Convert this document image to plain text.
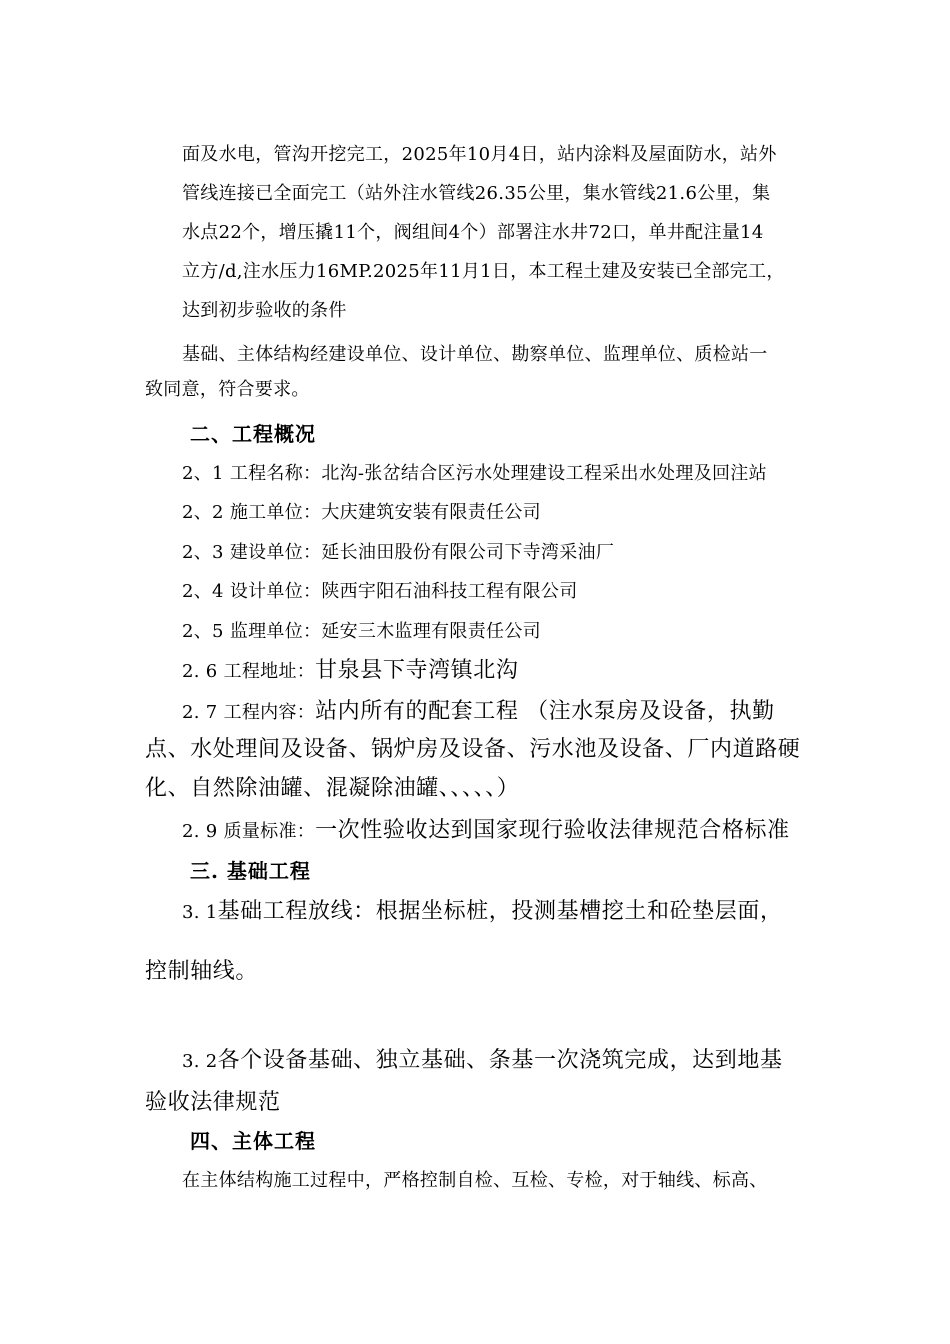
面及水电，管沟开挖完工，2025年10月4日，站内涂料及屋面防水，站外
管线连接已全面完工（站外注水管线26.35公里，集水管线21.6公里，集
水点22个，增压撬11个，阀组间4个）部署注水井72口，单井配注量14
立方/d,注水压力16MP.2025年11月1日，本工程土建及安装已全部完工，
达到初步验收的条件
基础、主体结构经建设单位、设计单位、勘察单位、监理单位、质检站一
致同意，符合要求。
二、工程概况
2、1 工程名称：北沟-张岔结合区污水处理建设工程采出水处理及回注站
2、2 施工单位：大庆建筑安装有限责任公司
2、3 建设单位：延长油田股份有限公司下寺湾采油厂
2、4 设计单位：陕西宇阳石油科技工程有限公司
2、5 监理单位：延安三木监理有限责任公司
2. 6 工程地址：甘泉县下寺湾镇北沟
2. 7 工程内容：站内所有的配套工程 （注水泵房及设备，执勤
点、水处理间及设备、锅炉房及设备、污水池及设备、厂内道路硬
化、自然除油罐、混凝除油罐、、、、、）
2. 9 质量标准：一次性验收达到国家现行验收法律规范合格标准
三. 基础工程
3. 1基础工程放线：根据坐标桩，投测基槽挖土和砼垫层面，
控制轴线。
3. 2各个设备基础、独立基础、条基一次浇筑完成，达到地基
验收法律规范
四、主体工程
在主体结构施工过程中，严格控制自检、互检、专检，对于轴线、标高、
